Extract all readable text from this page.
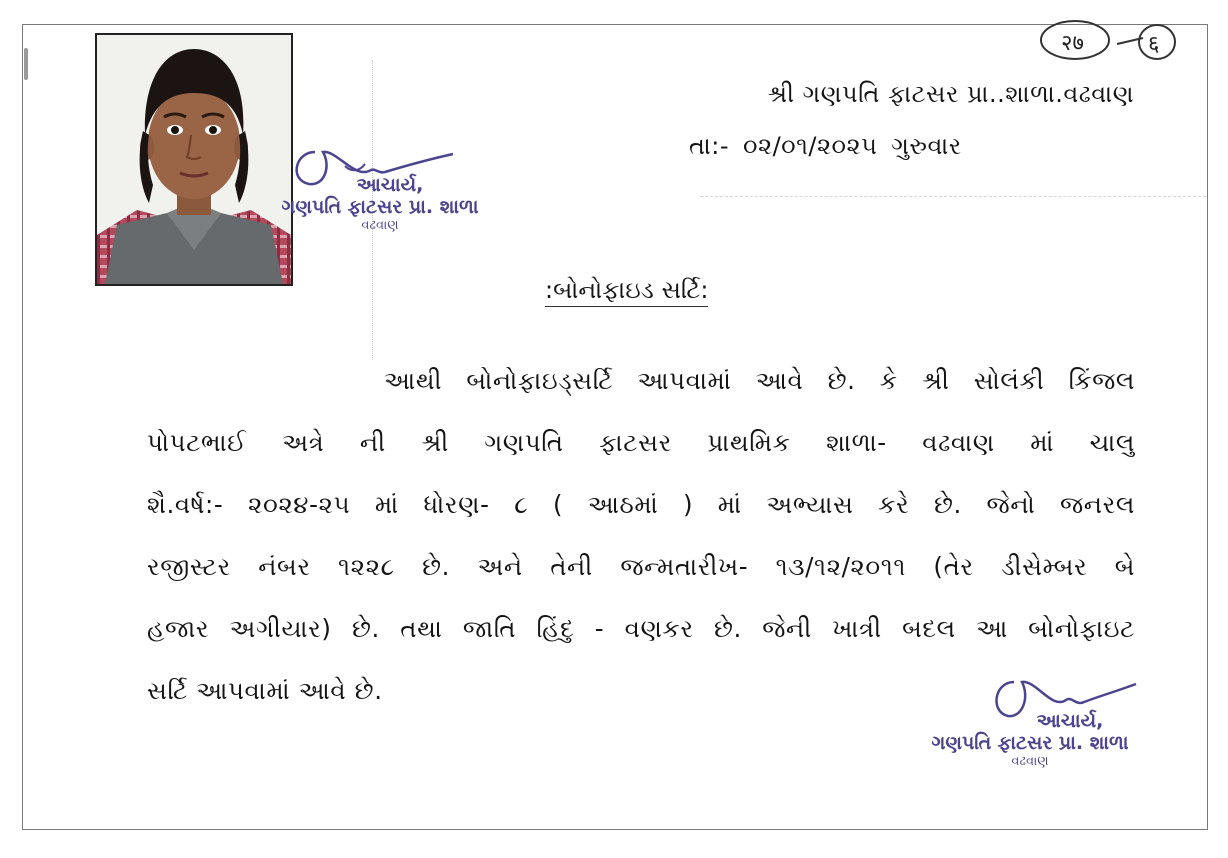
२७	६
શ્રી ગણપતિ ફાટસર પ્રા..શાળા.વઢવાણ
તા:- ૦૨/૦૧/૨૦૨૫ ગુરુવાર
આચાર્ય,
ગણપતિ ફાટસર પ્રા. શાળા
વઢવાણ
:બોનોફાઇડ સર્ટિ:
આથી બોનોફાઇડ્સર્ટિ આપવામાં આવે છે. કે શ્રી સોલંકી કિંજલ
પોપટભાઈ અત્રે ની શ્રી ગણપતિ ફાટસર પ્રાથમિક શાળા- વઢવાણ માં ચાલુ
શૈ.વર્ષ:- ૨૦૨૪-૨૫ માં ધોરણ- ૮ ( આઠમાં ) માં અભ્યાસ કરે છે. જેનો જનરલ
રજીસ્ટર નંબર ૧૨૨૮ છે. અને તેની જન્મતારીખ- ૧૩/૧૨/૨૦૧૧ (તેર ડીસેમ્બર બે
હજાર અગીયાર) છે. તથા જાતિ હિંદુ - વણકર છે. જેની ખાત્રી બદલ આ બોનોફાઇટ
સર્ટિ આપવામાં આવે છે.
આચાર્ય,
ગણપતિ ફાટસર પ્રા. શાળા
વઢવાણ
